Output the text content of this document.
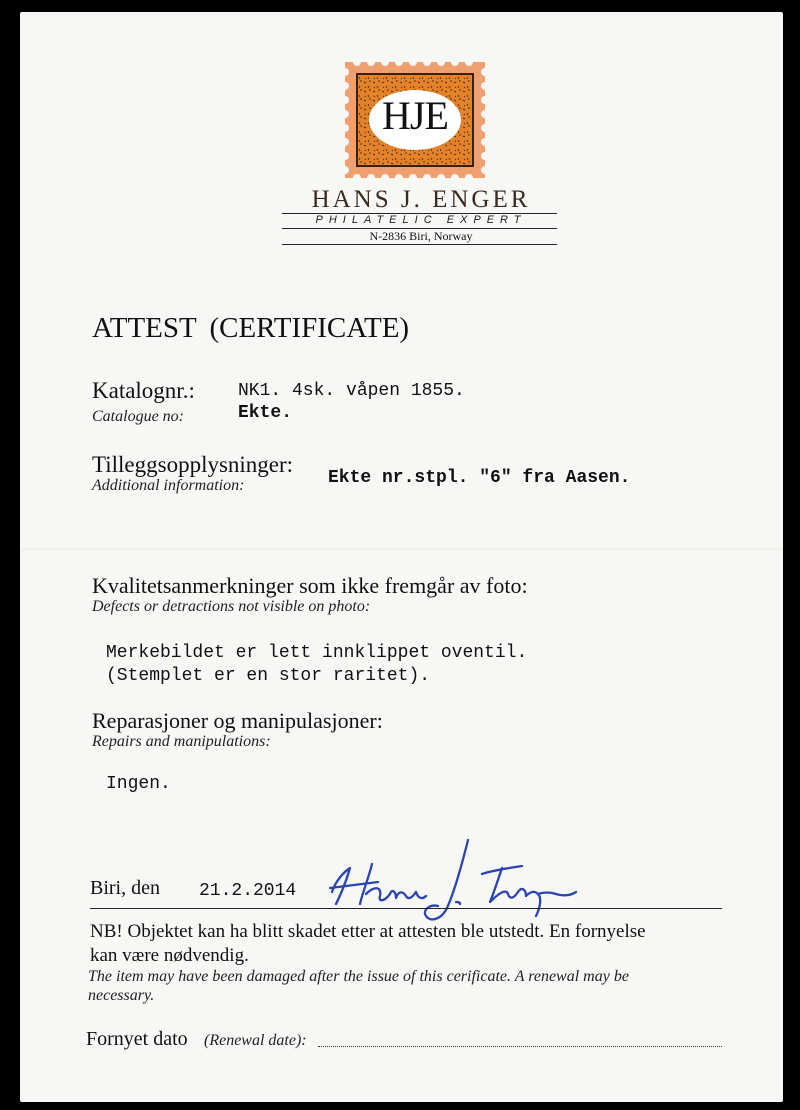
HJE
HANS J. ENGER
PHILATELIC EXPERT
N-2836 Biri, Norway
ATTEST (CERTIFICATE)
Katalognr.:
Catalogue no:
NK1. 4sk. våpen 1855.
Ekte.
Tilleggsopplysninger:
Additional information:	Ekte nr.stpl. "6" fra Aasen.
Kvalitetsanmerkninger som ikke fremgår av foto:
Defects or detractions not visible on photo:
Merkebildet er lett innklippet oventil.
(Stemplet er en stor raritet).
Reparasjoner og manipulasjoner:
Repairs and manipulations:
Ingen.
Biri, den 21.2.2014
NB! Objektet kan ha blitt skadet etter at attesten ble utstedt. En fornyelse
kan være nødvendig.
The item may have been damaged after the issue of this cerificate. A renewal may be
necessary.
Fornyet dato (Renewal date):
